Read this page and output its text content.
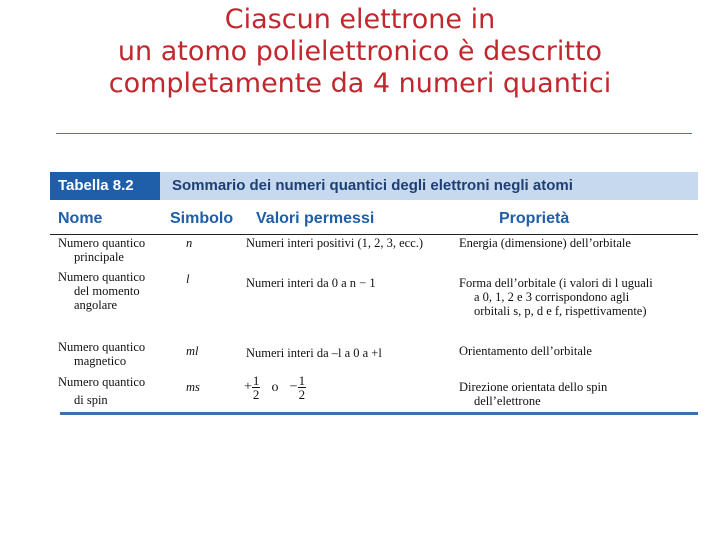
Ciascun elettrone in
un atomo polielettronico è descritto
completamente da 4 numeri quantici
Tabella 8.2	Sommario dei numeri quantici degli elettroni negli atomi
Nome	Simbolo Valori permessi	Proprietà
Numero quantico
principale
n	Numeri interi positivi (1, 2, 3, ecc.)	Energia (dimensione) dell’orbitale
Numero quantico
del momento
angolare
l	Numeri interi da 0 a n − 1	Forma dell’orbitale (i valori di l uguali
a 0, 1, 2 e 3 corrispondono agli
orbitali s, p, d e f, rispettivamente)
Numero quantico
magnetico
ml	Numeri interi da –l a 0 a +l	Orientamento dell’orbitale
Numero quantico
di spin
ms	+ $\frac{1}{2}$ $o - \frac{1}{2}$	Direzione orientata dello spin
dell’elettrone
